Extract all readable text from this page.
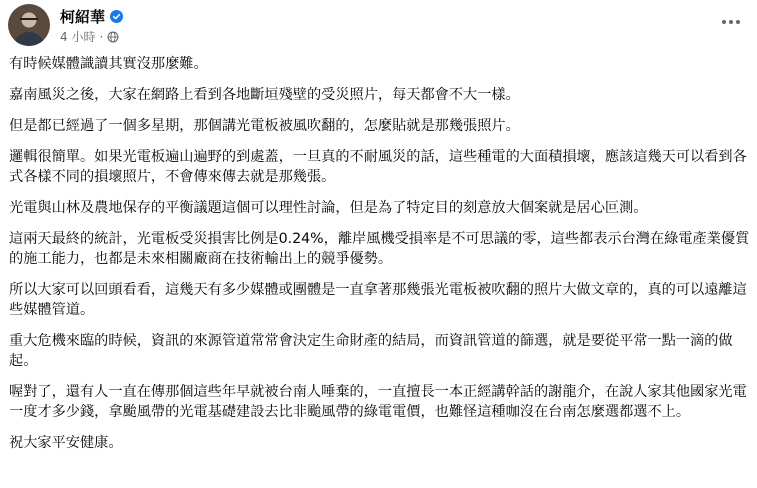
柯紹華
4 小時 ·

有時候媒體識讀其實沒那麼難。

嘉南風災之後，大家在網路上看到各地斷垣殘壁的受災照片，每天都會不大一樣。

但是都已經過了一個多星期，那個講光電板被風吹翻的，怎麼貼就是那幾張照片。

邏輯很簡單。如果光電板遍山遍野的到處蓋，一旦真的不耐風災的話，這些種電的大面積損壞，應該這幾天可以看到各式各樣不同的損壞照片，不會傳來傳去就是那幾張。

光電與山林及農地保存的平衡議題這個可以理性討論，但是為了特定目的刻意放大個案就是居心叵測。

這兩天最終的統計，光電板受災損害比例是0.24%，離岸風機受損率是不可思議的零，這些都表示台灣在綠電產業優質的施工能力，也都是未來相關廠商在技術輸出上的競爭優勢。

所以大家可以回頭看看，這幾天有多少媒體或團體是一直拿著那幾張光電板被吹翻的照片大做文章的，真的可以遠離這些媒體管道。

重大危機來臨的時候，資訊的來源管道常常會決定生命財產的結局，而資訊管道的篩選，就是要從平常一點一滴的做起。

喔對了，還有人一直在傳那個這些年早就被台南人唾棄的，一直擅長一本正經講幹話的謝龍介，在說人家其他國家光電一度才多少錢，拿颱風帶的光電基礎建設去比非颱風帶的綠電電價，也難怪這種咖沒在台南怎麼選都選不上。

祝大家平安健康。
